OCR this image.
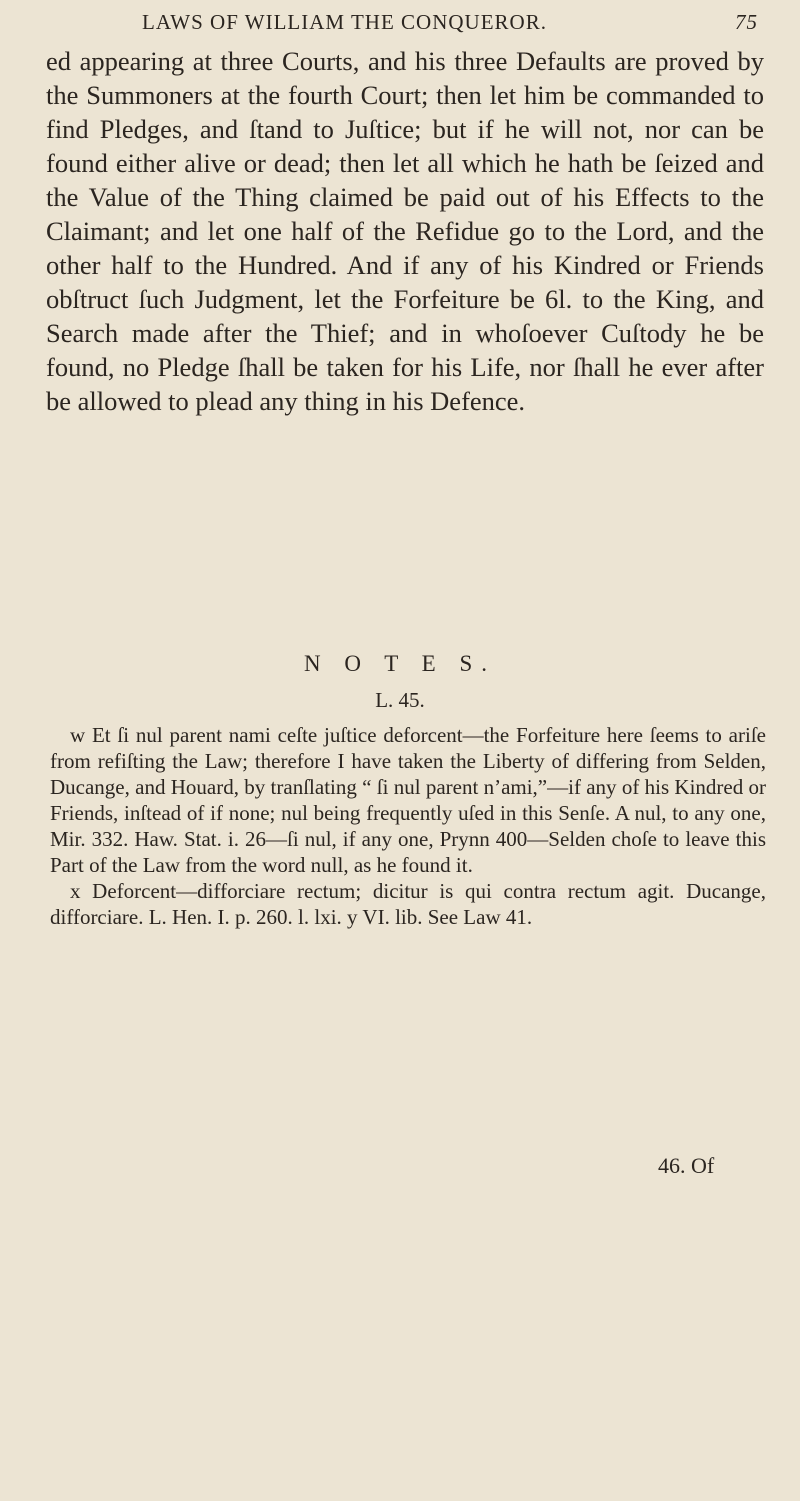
LAWS OF WILLIAM THE CONQUEROR.	75

ed appearing at three Courts, and his three Defaults are proved by the Summoners at the fourth Court; then let him be commanded to find Pledges, and ſtand to Juſtice; but if he will not, nor can be found either alive or dead; then let all which he hath be ſeized and the Value of the Thing claimed be paid out of his Effects to the Claimant; and let one half of the Refidue go to the Lord, and the other half to the Hundred. And if any of his Kindred or Friends obſtruct ſuch Judgment, let the Forfeiture be 6l. to the King, and Search made after the Thief; and in whoſoever Cuſtody he be found, no Pledge ſhall be taken for his Life, nor ſhall he ever after be allowed to plead any thing in his Defence.

N O T E S.
L. 45.

w Et ſi nul parent nami ceſte juſtice deforcent—the Forfeiture here ſeems to ariſe from refiſting the Law; therefore I have taken the Liberty of differing from Selden, Ducange, and Houard, by tranſlating “ ſi nul parent n’ami,”—if any of his Kindred or Friends, inſtead of if none; nul being frequently uſed in this Senſe. A nul, to any one, Mir. 332. Haw. Stat. i. 26—ſi nul, if any one, Prynn 400—Selden choſe to leave this Part of the Law from the word null, as he found it.

x Deforcent—difforciare rectum; dicitur is qui contra rectum agit. Ducange, difforciare. L. Hen. I. p. 260. l. lxi. y VI. lib. See Law 41.

46. Of
